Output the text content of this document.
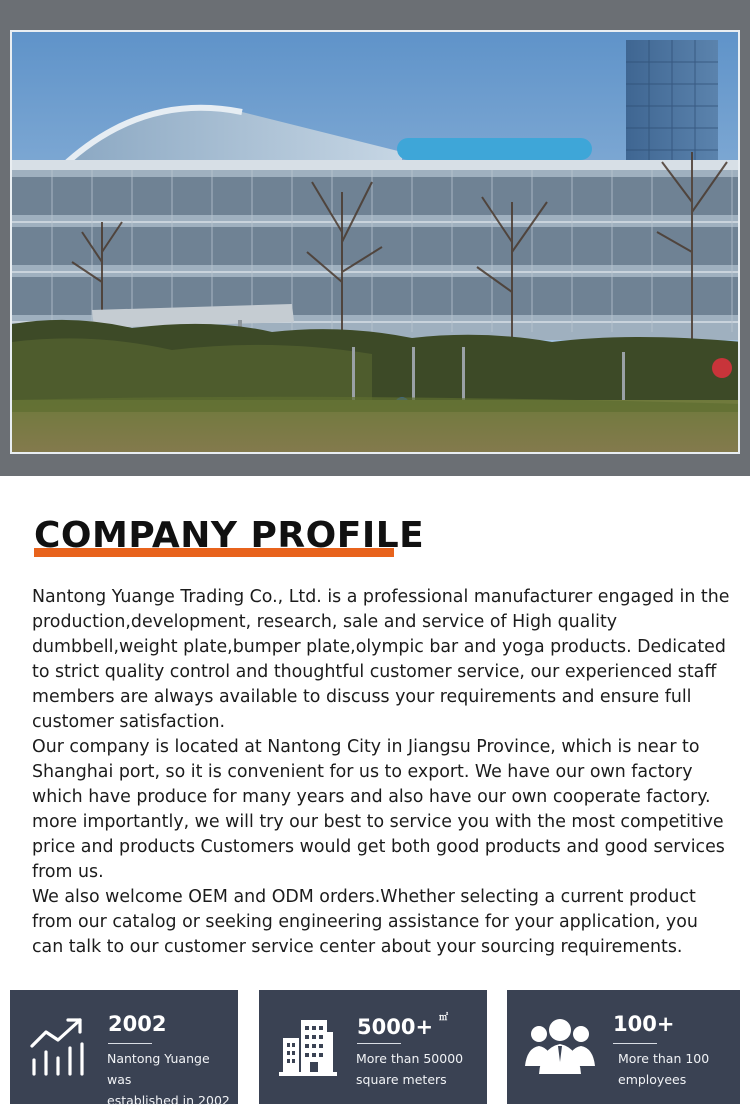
COMPANY PROFILE

Nantong Yuange Trading Co., Ltd. is a professional manufacturer engaged in the production,development, research, sale and service of High quality dumbbell,weight plate,bumper plate,olympic bar and yoga products. Dedicated to strict quality control and thoughtful customer service, our experienced staff members are always available to discuss your requirements and ensure full customer satisfaction.

Our company is located at Nantong City in Jiangsu Province, which is near to Shanghai port, so it is convenient for us to export. We have our own factory which have produce for many years and also have our own cooperate factory. more importantly, we will try our best to service you with the most competitive price and products Customers would get both good products and good services from us.

We also welcome OEM and ODM orders.Whether selecting a current product from our catalog or seeking engineering assistance for your application, you can talk to our customer service center about your sourcing requirements.

2002
Nantong Yuange was
established in 2002
5000+ ㎡
More than 50000
square meters
100+
More than 100
employees
